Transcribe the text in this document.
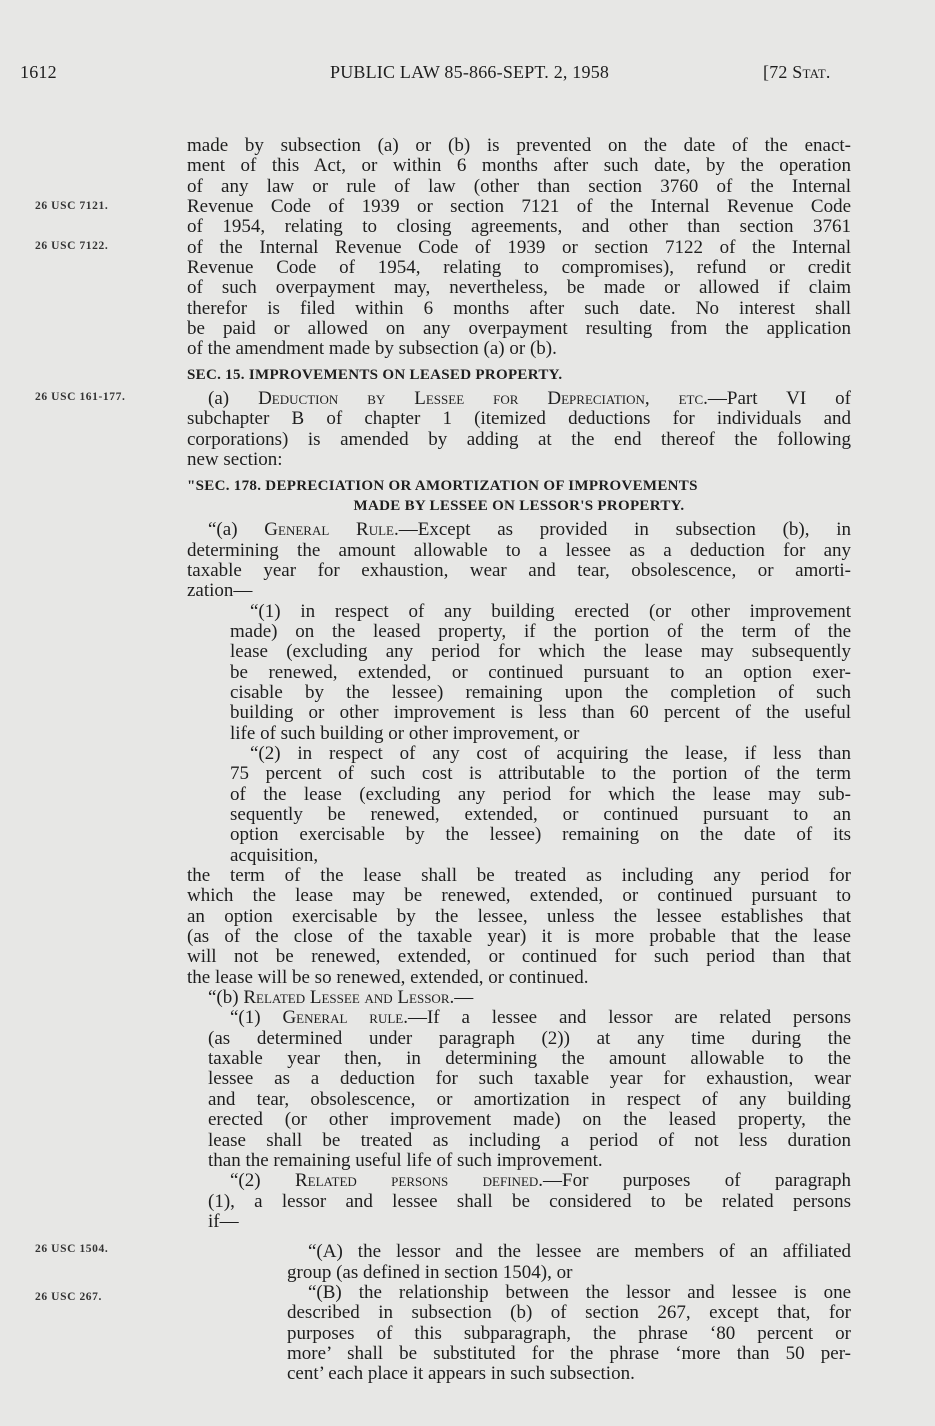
1612	PUBLIC LAW 85-866-SEPT. 2, 1958	[72 Stat.
26 USC 7121.
26 USC 7122.
26 USC 161-177.
26 USC 1504.
26 USC 267.
made by subsection (a) or (b) is prevented on the date of the enact-
ment of this Act, or within 6 months after such date, by the operation
of any law or rule of law (other than section 3760 of the Internal
Revenue Code of 1939 or section 7121 of the Internal Revenue Code
of 1954, relating to closing agreements, and other than section 3761
of the Internal Revenue Code of 1939 or section 7122 of the Internal
Revenue Code of 1954, relating to compromises), refund or credit
of such overpayment may, nevertheless, be made or allowed if claim
therefor is filed within 6 months after such date. No interest shall
be paid or allowed on any overpayment resulting from the application
of the amendment made by subsection (a) or (b).
SEC. 15. IMPROVEMENTS ON LEASED PROPERTY.
(a) Deduction by Lessee for Depreciation, etc.—Part VI of
subchapter B of chapter 1 (itemized deductions for individuals and
corporations) is amended by adding at the end thereof the following
new section:
"SEC. 178. DEPRECIATION OR AMORTIZATION OF IMPROVEMENTS
MADE BY LESSEE ON LESSOR'S PROPERTY.
“(a) General Rule.—Except as provided in subsection (b), in
determining the amount allowable to a lessee as a deduction for any
taxable year for exhaustion, wear and tear, obsolescence, or amorti-
zation—
“(1) in respect of any building erected (or other improvement
made) on the leased property, if the portion of the term of the
lease (excluding any period for which the lease may subsequently
be renewed, extended, or continued pursuant to an option exer-
cisable by the lessee) remaining upon the completion of such
building or other improvement is less than 60 percent of the useful
life of such building or other improvement, or
“(2) in respect of any cost of acquiring the lease, if less than
75 percent of such cost is attributable to the portion of the term
of the lease (excluding any period for which the lease may sub-
sequently be renewed, extended, or continued pursuant to an
option exercisable by the lessee) remaining on the date of its
acquisition,
the term of the lease shall be treated as including any period for
which the lease may be renewed, extended, or continued pursuant to
an option exercisable by the lessee, unless the lessee establishes that
(as of the close of the taxable year) it is more probable that the lease
will not be renewed, extended, or continued for such period than that
the lease will be so renewed, extended, or continued.
“(b) Related Lessee and Lessor.—
“(1) General rule.—If a lessee and lessor are related persons
(as determined under paragraph (2)) at any time during the
taxable year then, in determining the amount allowable to the
lessee as a deduction for such taxable year for exhaustion, wear
and tear, obsolescence, or amortization in respect of any building
erected (or other improvement made) on the leased property, the
lease shall be treated as including a period of not less duration
than the remaining useful life of such improvement.
“(2) Related persons defined.—For purposes of paragraph
(1), a lessor and lessee shall be considered to be related persons
if—
“(A) the lessor and the lessee are members of an affiliated
group (as defined in section 1504), or
“(B) the relationship between the lessor and lessee is one
described in subsection (b) of section 267, except that, for
purposes of this subparagraph, the phrase ‘80 percent or
more’ shall be substituted for the phrase ‘more than 50 per-
cent’ each place it appears in such subsection.
